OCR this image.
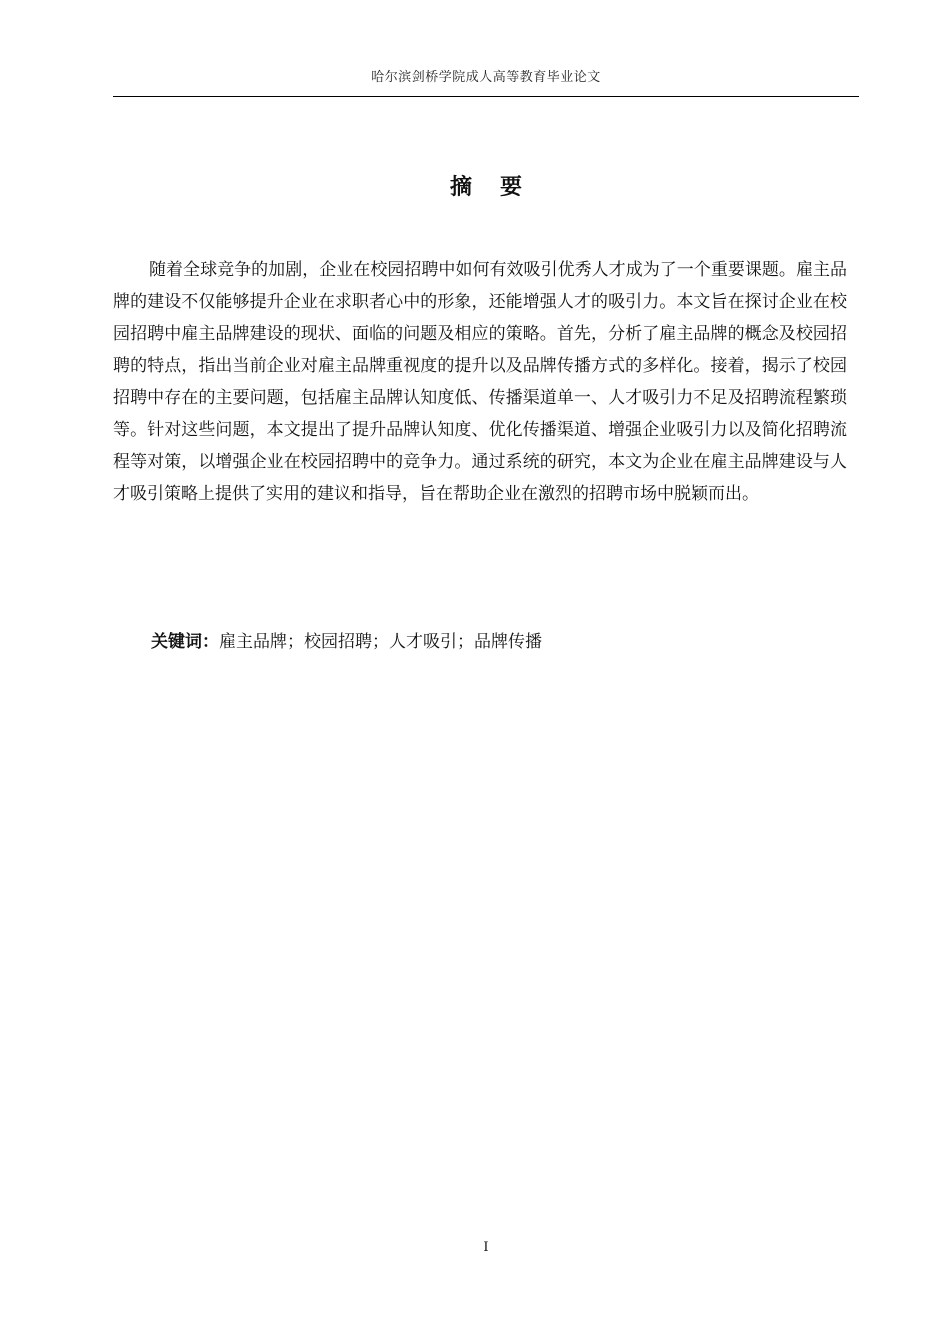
哈尔滨剑桥学院成人高等教育毕业论文
摘要

随着全球竞争的加剧，企业在校园招聘中如何有效吸引优秀人才成为了一个重要课题。雇主品牌的建设不仅能够提升企业在求职者心中的形象，还能增强人才的吸引力。本文旨在探讨企业在校园招聘中雇主品牌建设的现状、面临的问题及相应的策略。首先，分析了雇主品牌的概念及校园招聘的特点，指出当前企业对雇主品牌重视度的提升以及品牌传播方式的多样化。接着，揭示了校园招聘中存在的主要问题，包括雇主品牌认知度低、传播渠道单一、人才吸引力不足及招聘流程繁琐等。针对这些问题，本文提出了提升品牌认知度、优化传播渠道、增强企业吸引力以及简化招聘流程等对策，以增强企业在校园招聘中的竞争力。通过系统的研究，本文为企业在雇主品牌建设与人才吸引策略上提供了实用的建议和指导，旨在帮助企业在激烈的招聘市场中脱颖而出。

关键词：雇主品牌；校园招聘；人才吸引；品牌传播
I
